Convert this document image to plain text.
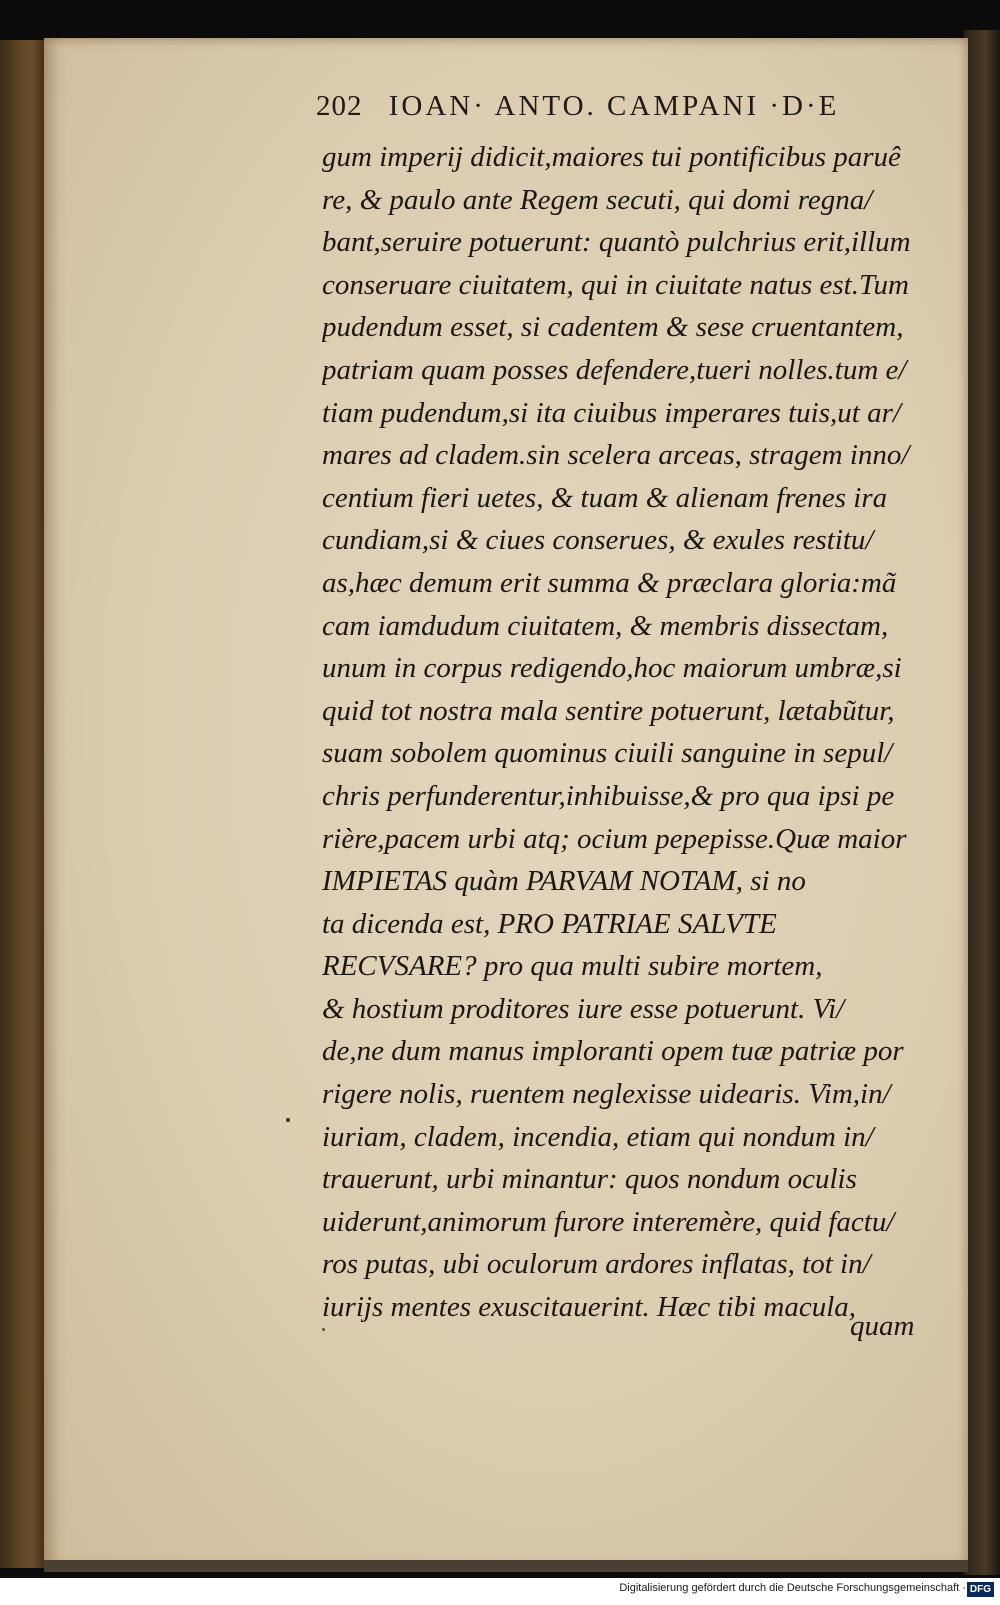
202 IOAN· ANTO. CAMPANI ·D·E
gum imperij didicit,maiores tui pontificibus paruê
re, & paulo ante Regem secuti, qui domi regna/
bant,seruire potuerunt: quantò pulchrius erit,illum
conseruare ciuitatem, qui in ciuitate natus est.Tum
pudendum esset, si cadentem & sese cruentantem,
patriam quam posses defendere,tueri nolles.tum e/
tiam pudendum,si ita ciuibus imperares tuis,ut ar/
mares ad cladem.sin scelera arceas, stragem inno/
centium fieri uetes, & tuam & alienam frenes ira
cundiam,si & ciues conserues, & exules restitu/
as,hæc demum erit summa & præclara gloria:mã
cam iamdudum ciuitatem, & membris dissectam,
unum in corpus redigendo,hoc maiorum umbræ,si
quid tot nostra mala sentire potuerunt, lætabũtur,
suam sobolem quominus ciuili sanguine in sepul/
chris perfunderentur,inhibuisse,& pro qua ipsi pe
rière,pacem urbi atq; ocium pepepisse.Quæ maior
IMPIETAS quàm PARVAM NOTAM, si no
ta dicenda est, PRO PATRIAE SALVTE
RECVSARE? pro qua multi subire mortem,
& hostium proditores iure esse potuerunt. Vi/
de,ne dum manus imploranti opem tuæ patriæ por
rigere nolis, ruentem neglexisse uidearis. Vim,in/
iuriam, cladem, incendia, etiam qui nondum in/
trauerunt, urbi minantur: quos nondum oculis
uiderunt,animorum furore interemère, quid factu/
ros putas, ubi oculorum ardores inflatas, tot in/
iurijs mentes exuscitauerint. Hæc tibi macula,
quam
Digitalisierung gefördert durch die Deutsche Forschungsgemeinschaft · DFG
